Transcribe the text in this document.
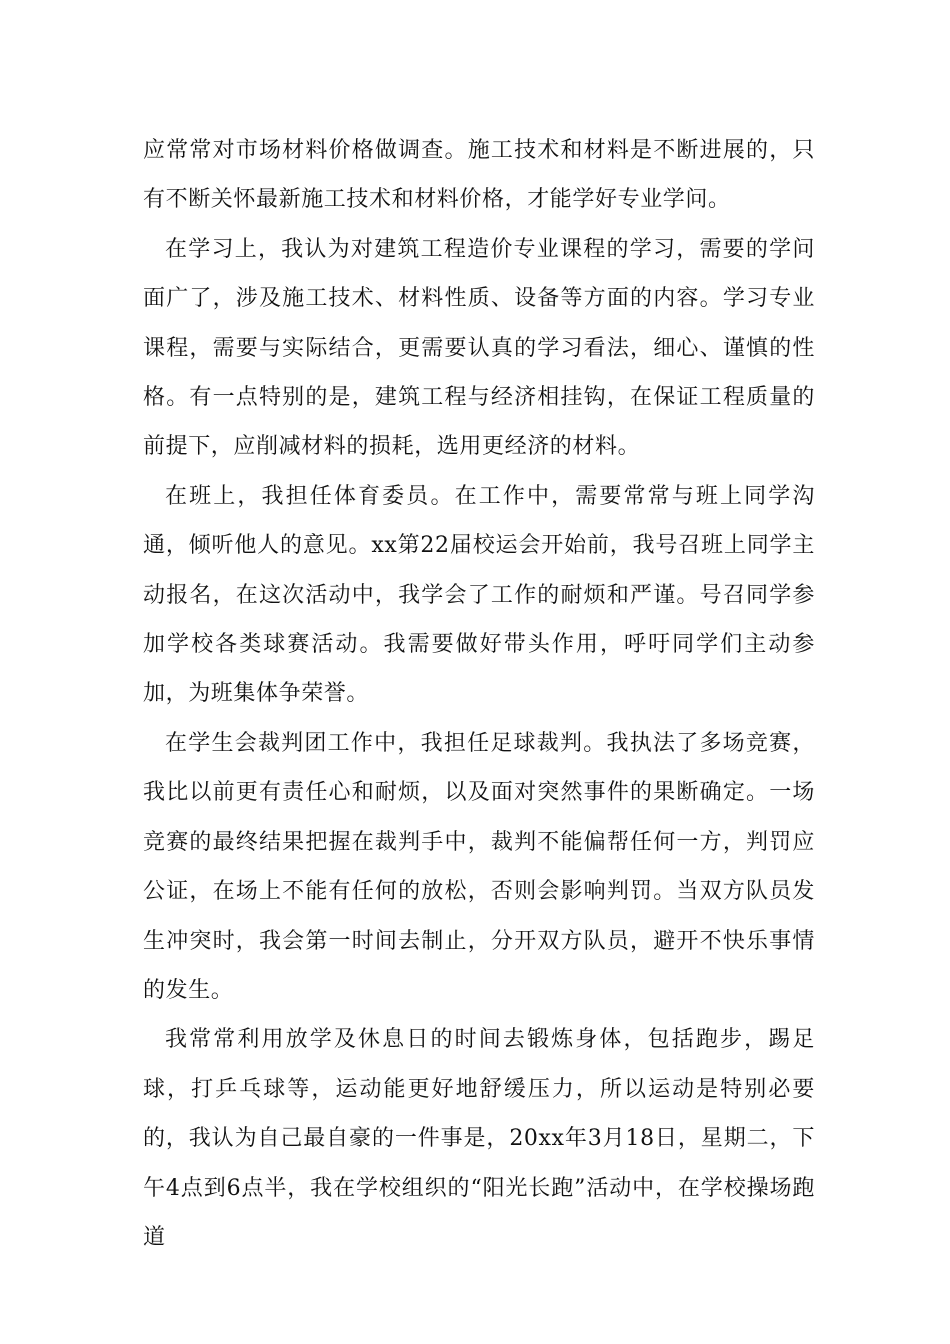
应常常对市场材料价格做调查。施工技术和材料是不断进展的，只有不断关怀最新施工技术和材料价格，才能学好专业学问。

在学习上，我认为对建筑工程造价专业课程的学习，需要的学问面广了，涉及施工技术、材料性质、设备等方面的内容。学习专业课程，需要与实际结合，更需要认真的学习看法，细心、谨慎的性格。有一点特别的是，建筑工程与经济相挂钩，在保证工程质量的前提下，应削减材料的损耗，选用更经济的材料。

在班上，我担任体育委员。在工作中，需要常常与班上同学沟通，倾听他人的意见。xx第22届校运会开始前，我号召班上同学主动报名，在这次活动中，我学会了工作的耐烦和严谨。号召同学参加学校各类球赛活动。我需要做好带头作用，呼吁同学们主动参加，为班集体争荣誉。

在学生会裁判团工作中，我担任足球裁判。我执法了多场竞赛，我比以前更有责任心和耐烦，以及面对突然事件的果断确定。一场竞赛的最终结果把握在裁判手中，裁判不能偏帮任何一方，判罚应公证，在场上不能有任何的放松，否则会影响判罚。当双方队员发生冲突时，我会第一时间去制止，分开双方队员，避开不快乐事情的发生。

我常常利用放学及休息日的时间去锻炼身体，包括跑步，踢足球，打乒乓球等，运动能更好地舒缓压力，所以运动是特别必要的，我认为自己最自豪的一件事是，20xx年3月18日，星期二，下午4点到6点半，我在学校组织的“阳光长跑”活动中，在学校操场跑道
